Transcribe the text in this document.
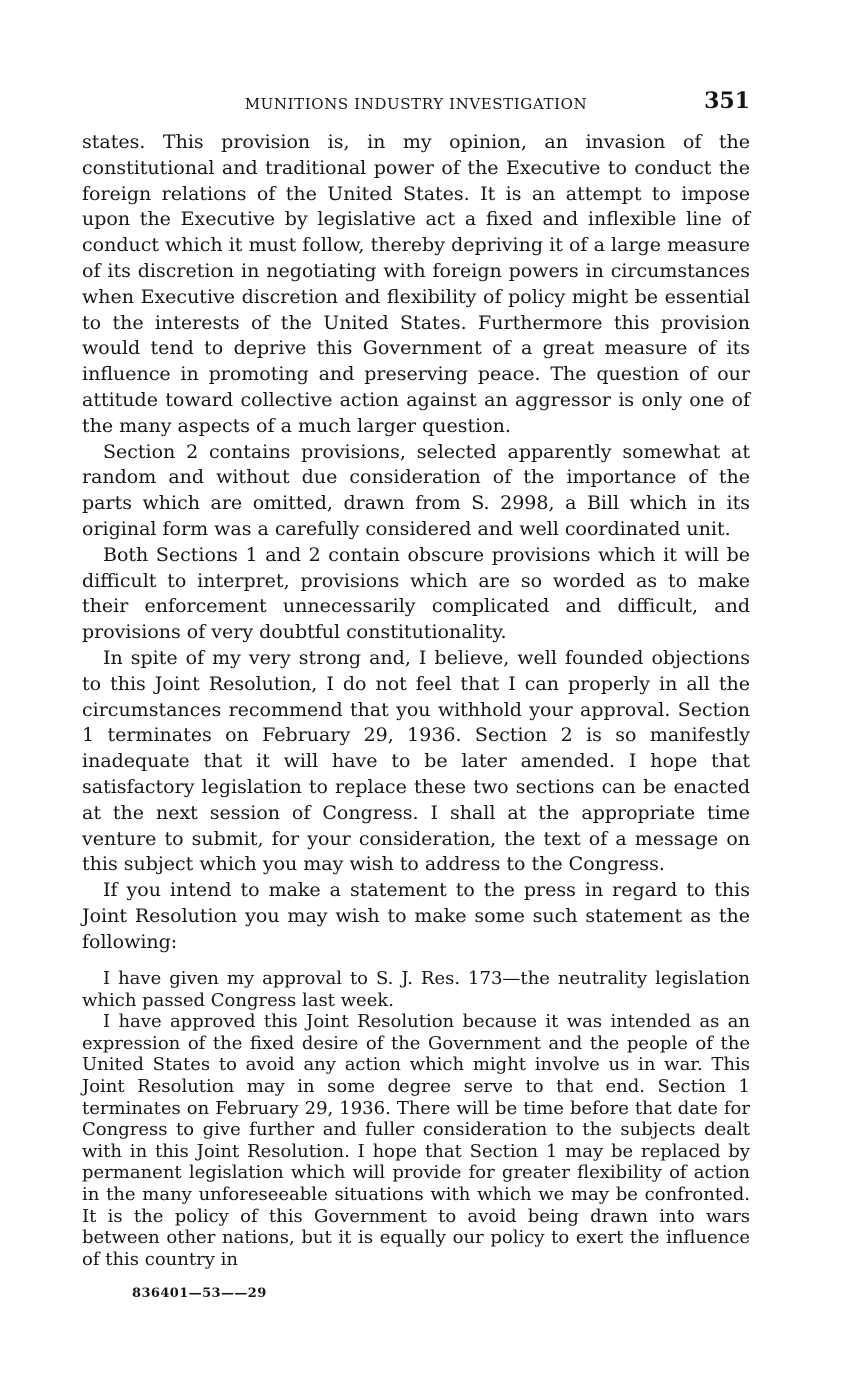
MUNITIONS INDUSTRY INVESTIGATION	351

states. This provision is, in my opinion, an invasion of the constitutional and traditional power of the Executive to conduct the foreign relations of the United States. It is an attempt to impose upon the Executive by legislative act a fixed and inflexible line of conduct which it must follow, thereby depriving it of a large measure of its discretion in negotiating with foreign powers in circumstances when Executive discretion and flexibility of policy might be essential to the interests of the United States. Furthermore this provision would tend to deprive this Government of a great measure of its influence in promoting and preserving peace. The question of our attitude toward collective action against an aggressor is only one of the many aspects of a much larger question.

Section 2 contains provisions, selected apparently somewhat at random and without due consideration of the importance of the parts which are omitted, drawn from S. 2998, a Bill which in its original form was a carefully considered and well coordinated unit.

Both Sections 1 and 2 contain obscure provisions which it will be difficult to interpret, provisions which are so worded as to make their enforcement unnecessarily complicated and difficult, and provisions of very doubtful constitutionality.

In spite of my very strong and, I believe, well founded objections to this Joint Resolution, I do not feel that I can properly in all the circumstances recommend that you withhold your approval. Section 1 terminates on February 29, 1936. Section 2 is so manifestly inadequate that it will have to be later amended. I hope that satisfactory legislation to replace these two sections can be enacted at the next session of Congress. I shall at the appropriate time venture to submit, for your consideration, the text of a message on this subject which you may wish to address to the Congress.

If you intend to make a statement to the press in regard to this Joint Resolution you may wish to make some such statement as the following:

I have given my approval to S. J. Res. 173—the neutrality legislation which passed Congress last week.

I have approved this Joint Resolution because it was intended as an expression of the fixed desire of the Government and the people of the United States to avoid any action which might involve us in war. This Joint Resolution may in some degree serve to that end. Section 1 terminates on February 29, 1936. There will be time before that date for Congress to give further and fuller consideration to the subjects dealt with in this Joint Resolution. I hope that Section 1 may be replaced by permanent legislation which will provide for greater flexibility of action in the many unforeseeable situations with which we may be confronted. It is the policy of this Government to avoid being drawn into wars between other nations, but it is equally our policy to exert the influence of this country in

836401—53——29
